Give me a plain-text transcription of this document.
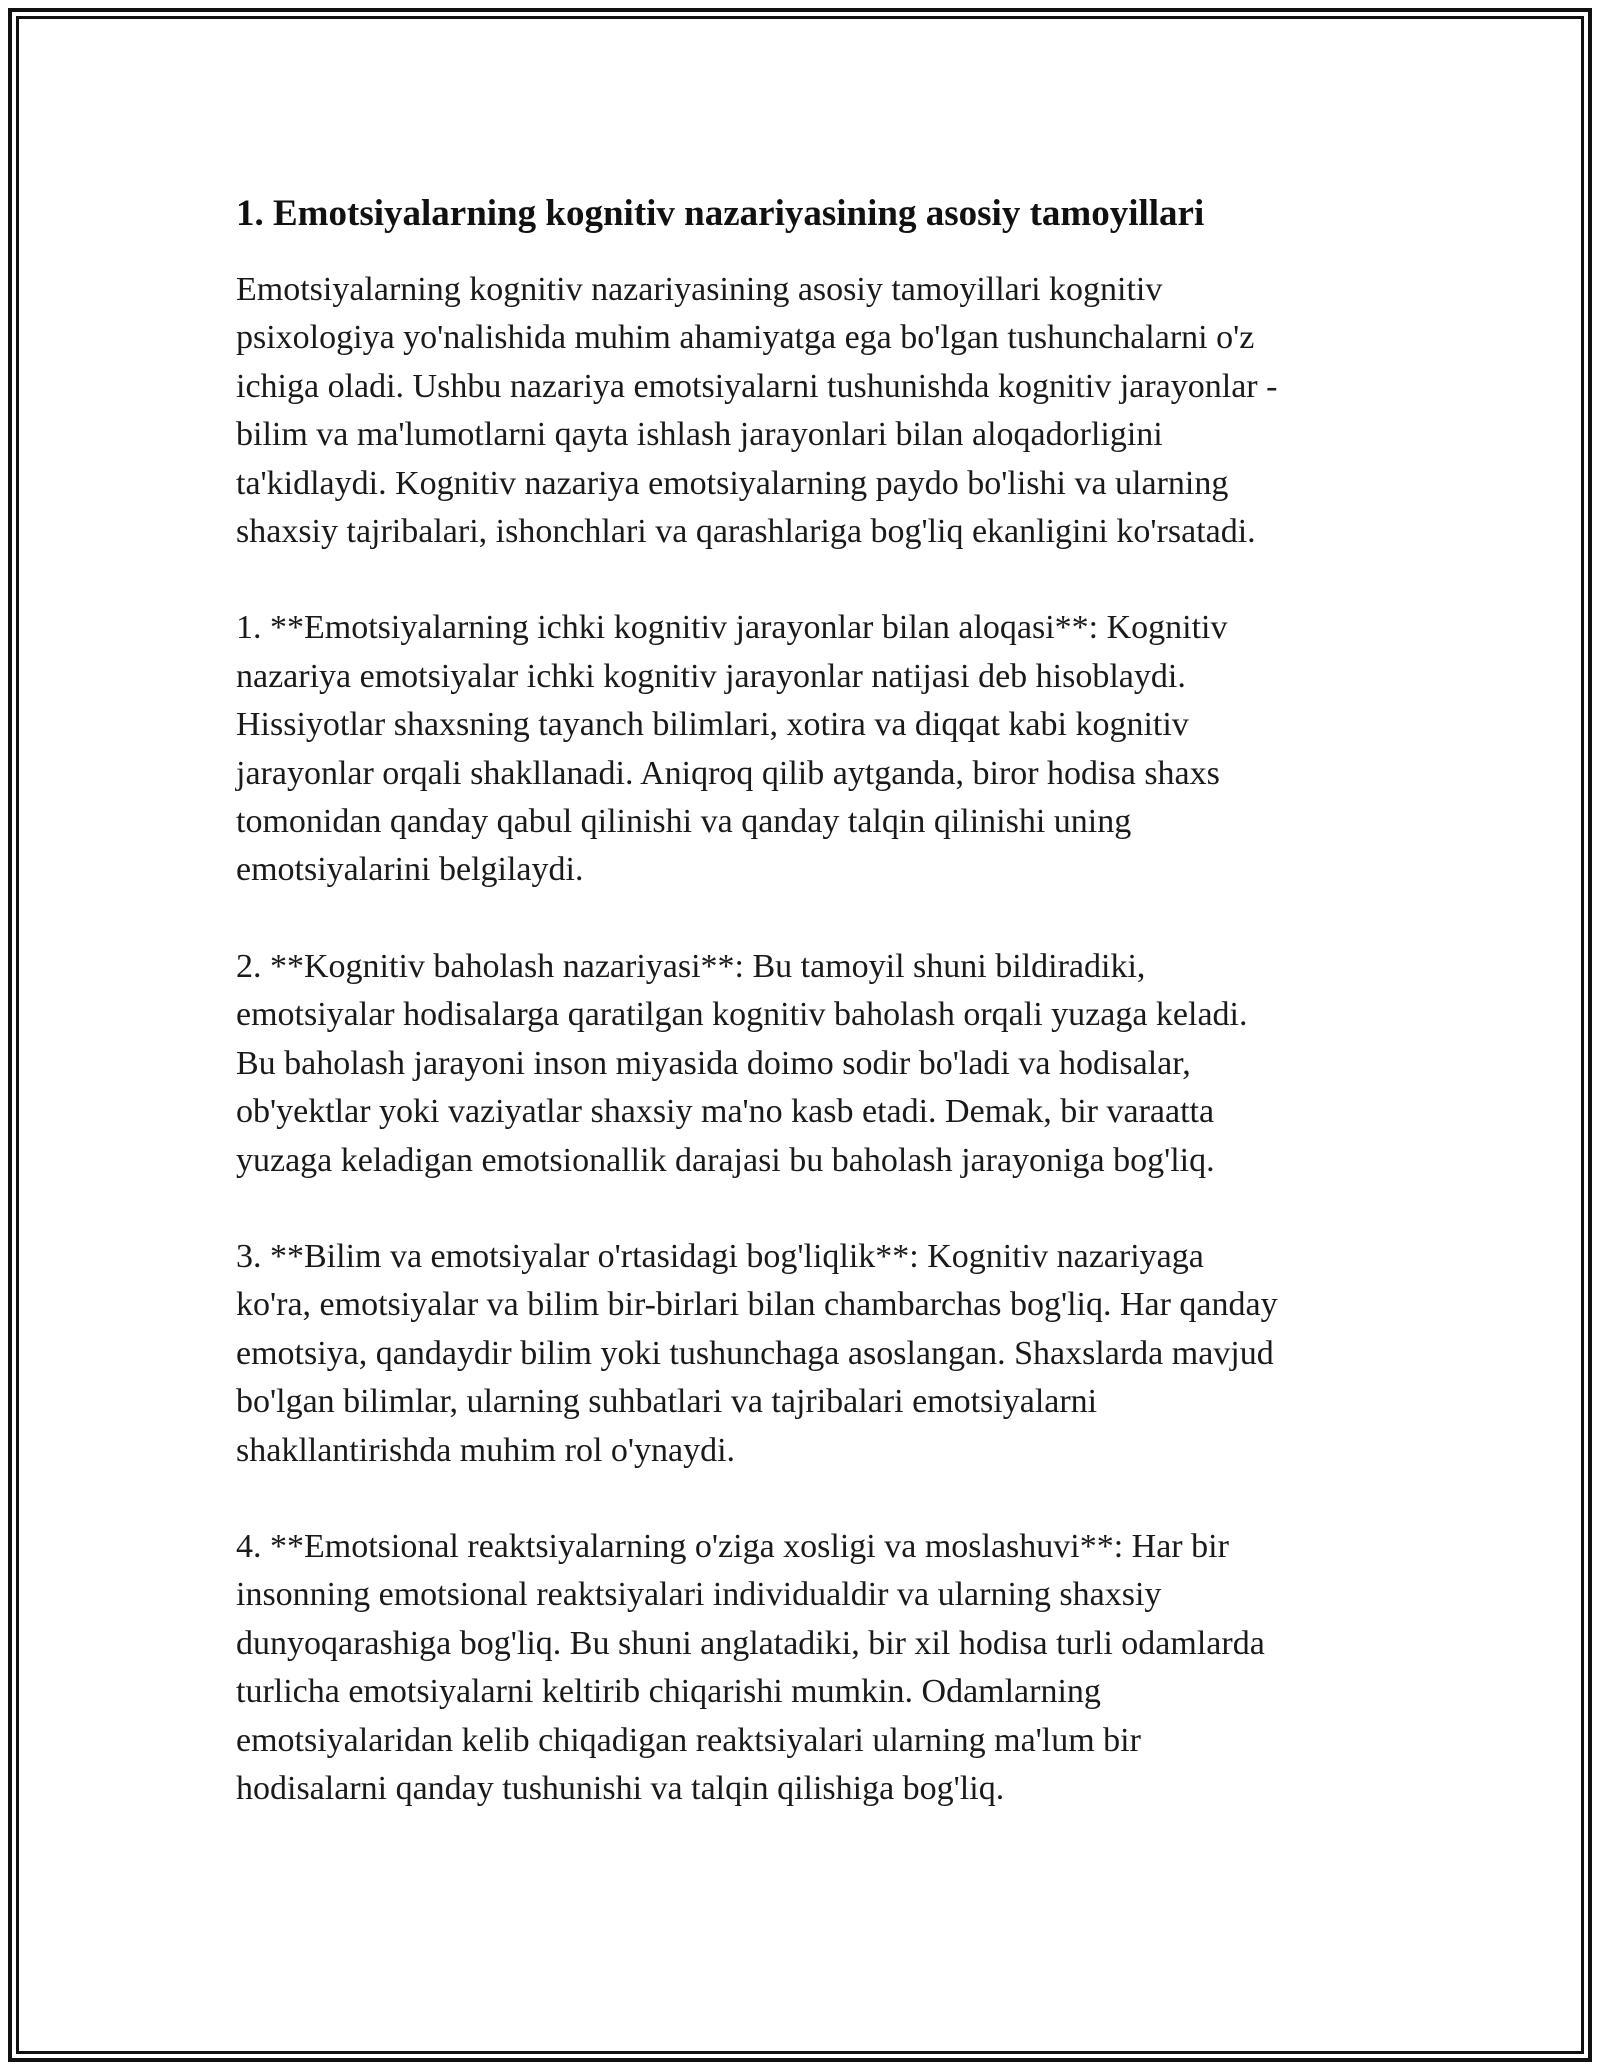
1. Emotsiyalarning kognitiv nazariyasining asosiy tamoyillari

Emotsiyalarning kognitiv nazariyasining asosiy tamoyillari kognitiv
psixologiya yo'nalishida muhim ahamiyatga ega bo'lgan tushunchalarni o'z
ichiga oladi. Ushbu nazariya emotsiyalarni tushunishda kognitiv jarayonlar -
bilim va ma'lumotlarni qayta ishlash jarayonlari bilan aloqadorligini
ta'kidlaydi. Kognitiv nazariya emotsiyalarning paydo bo'lishi va ularning
shaxsiy tajribalari, ishonchlari va qarashlariga bog'liq ekanligini ko'rsatadi.

1. **Emotsiyalarning ichki kognitiv jarayonlar bilan aloqasi**: Kognitiv
nazariya emotsiyalar ichki kognitiv jarayonlar natijasi deb hisoblaydi.
Hissiyotlar shaxsning tayanch bilimlari, xotira va diqqat kabi kognitiv
jarayonlar orqali shakllanadi. Aniqroq qilib aytganda, biror hodisa shaxs
tomonidan qanday qabul qilinishi va qanday talqin qilinishi uning
emotsiyalarini belgilaydi.

2. **Kognitiv baholash nazariyasi**: Bu tamoyil shuni bildiradiki,
emotsiyalar hodisalarga qaratilgan kognitiv baholash orqali yuzaga keladi.
Bu baholash jarayoni inson miyasida doimo sodir bo'ladi va hodisalar,
ob'yektlar yoki vaziyatlar shaxsiy ma'no kasb etadi. Demak, bir varaatta
yuzaga keladigan emotsionallik darajasi bu baholash jarayoniga bog'liq.

3. **Bilim va emotsiyalar o'rtasidagi bog'liqlik**: Kognitiv nazariyaga
ko'ra, emotsiyalar va bilim bir-birlari bilan chambarchas bog'liq. Har qanday
emotsiya, qandaydir bilim yoki tushunchaga asoslangan. Shaxslarda mavjud
bo'lgan bilimlar, ularning suhbatlari va tajribalari emotsiyalarni
shakllantirishda muhim rol o'ynaydi.

4. **Emotsional reaktsiyalarning o'ziga xosligi va moslashuvi**: Har bir
insonning emotsional reaktsiyalari individualdir va ularning shaxsiy
dunyoqarashiga bog'liq. Bu shuni anglatadiki, bir xil hodisa turli odamlarda
turlicha emotsiyalarni keltirib chiqarishi mumkin. Odamlarning
emotsiyalaridan kelib chiqadigan reaktsiyalari ularning ma'lum bir
hodisalarni qanday tushunishi va talqin qilishiga bog'liq.
